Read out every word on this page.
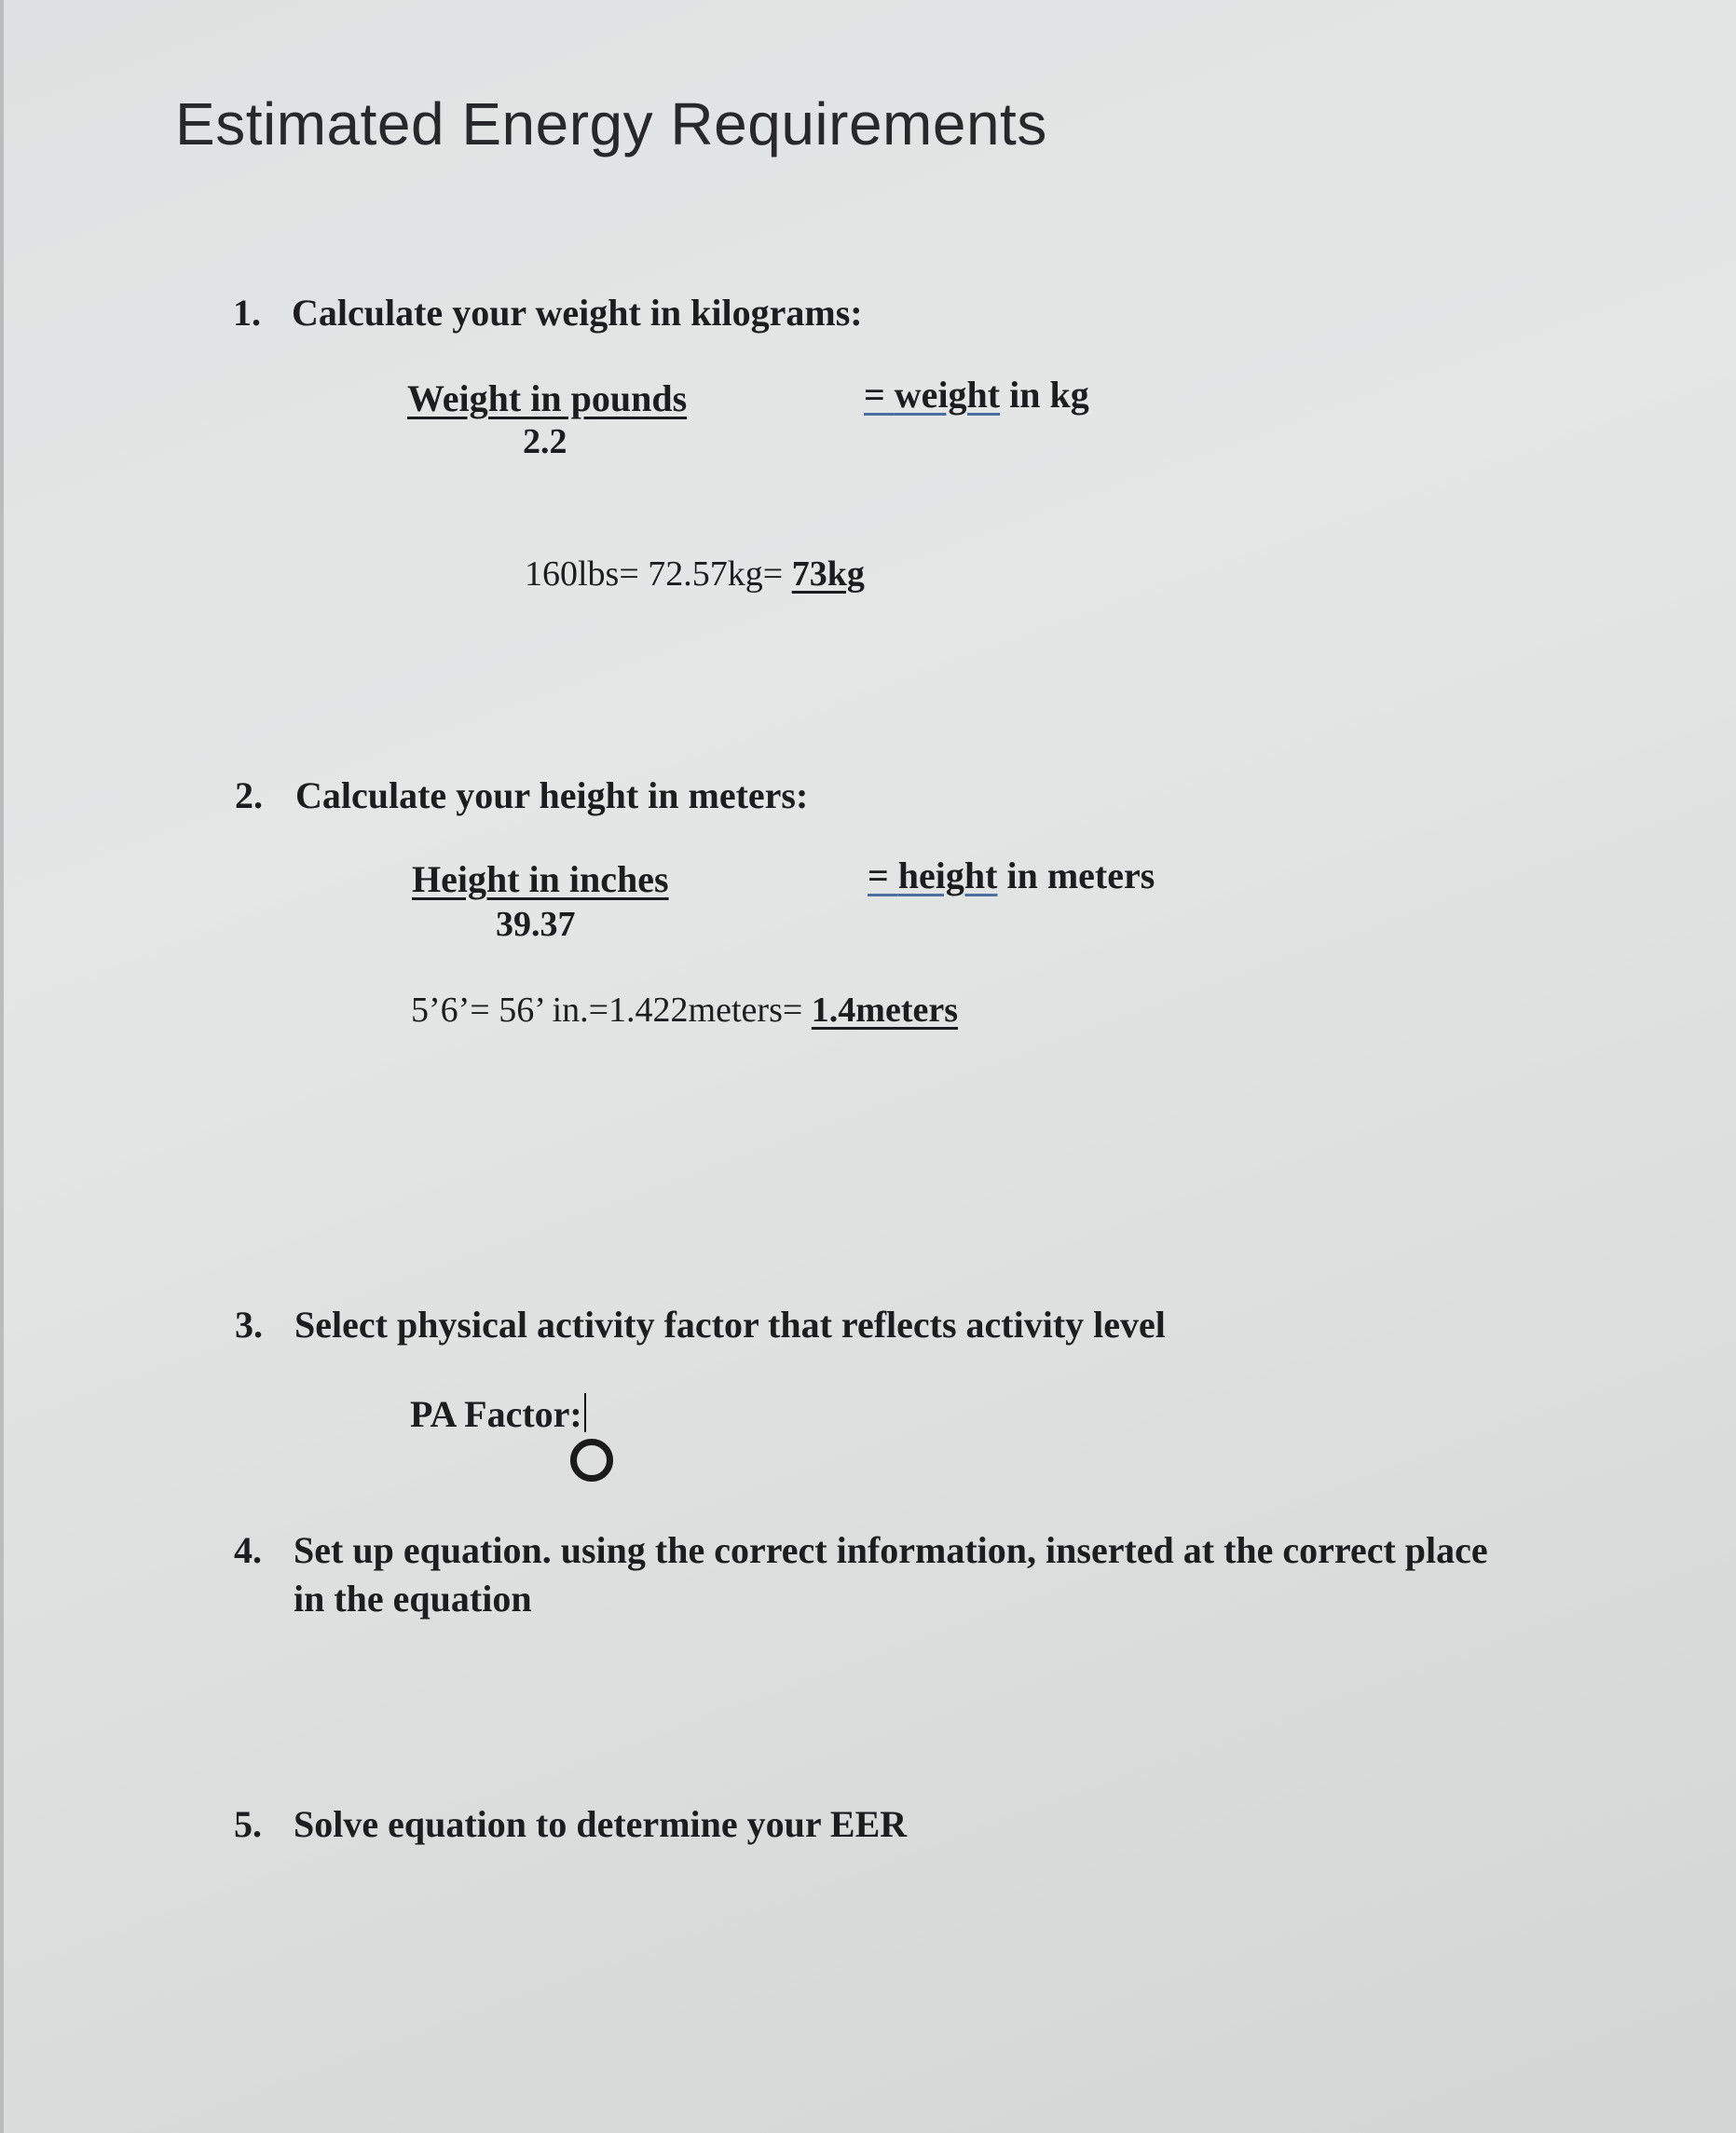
Estimated Energy Requirements
1. Calculate your weight in kilograms:
Weight in pounds
2.2
= weight in kg
160lbs= 72.57kg= 73kg
2. Calculate your height in meters:
Height in inches
39.37
= height in meters
5’6’= 56’ in.=1.422meters= 1.4meters
3. Select physical activity factor that reflects activity level
PA Factor:
4. Set up equation. using the correct information, inserted at the correct place
in the equation
5. Solve equation to determine your EER
